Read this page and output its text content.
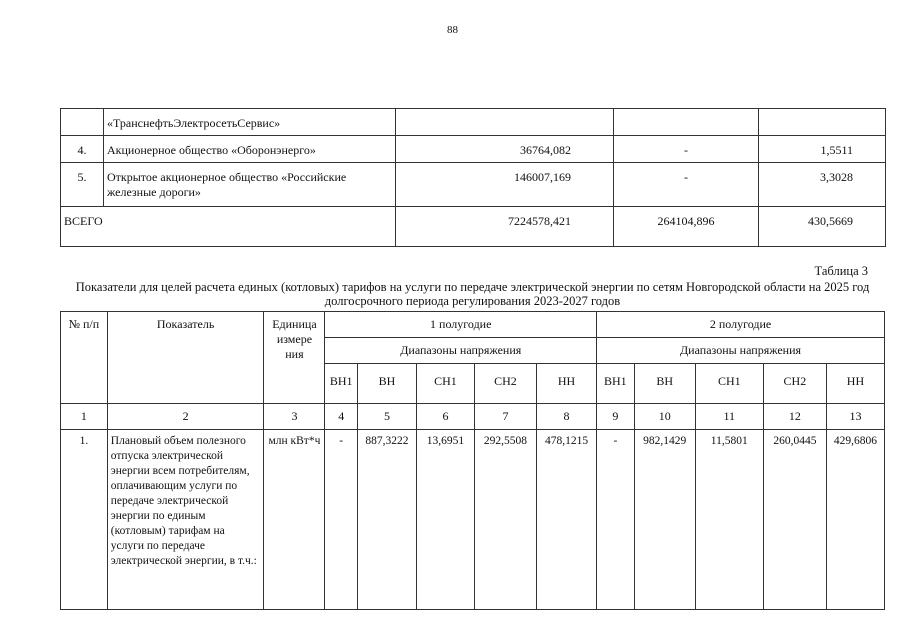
88
	«ТранснефтьЭлектросетьСервис»			
4.	Акционерное общество «Оборонэнерго»	36764,082	-	1,5511
5.	Открытое акционерное общество «Российские железные дороги»	146007,169	-	3,3028
ВСЕГО		7224578,421	264104,896	430,5669
Таблица 3
Показатели для целей расчета единых (котловых) тарифов на услуги по передаче электрической энергии по сетям Новгородской области на 2025 год долгосрочного периода регулирования 2023-2027 годов
№ п/п	Показатель	Единица измере ния	1 полугодие					2 полугодие				
			Диапазоны напряжения					Диапазоны напряжения				
			ВН1	ВН	СН1	СН2	НН	ВН1	ВН	СН1	СН2	НН
1	2	3	4	5	6	7	8	9	10	11	12	13
1.	Плановый объем полезного отпуска электрической энергии всем потребителям, оплачивающим услуги по передаче электрической энергии по единым (котловым) тарифам на услуги по передаче электрической энергии, в т.ч.:	млн кВт*ч	-	887,3222	13,6951	292,5508	478,1215	-	982,1429	11,5801	260,0445	429,6806
